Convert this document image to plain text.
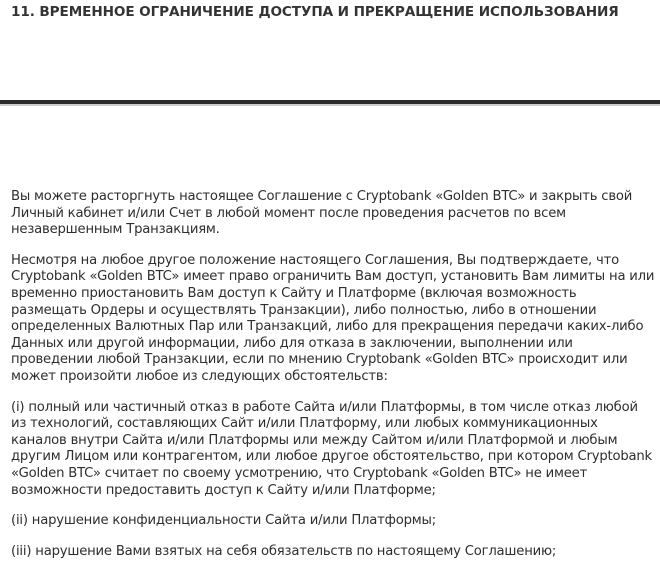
11. ВРЕМЕННОЕ ОГРАНИЧЕНИЕ ДОСТУПА И ПРЕКРАЩЕНИЕ ИСПОЛЬЗОВАНИЯ

Вы можете расторгнуть настоящее Соглашение с Cryptobank «Golden BTC» и закрыть свой Личный кабинет и/или Счет в любой момент после проведения расчетов по всем незавершенным Транзакциям.

Несмотря на любое другое положение настоящего Соглашения, Вы подтверждаете, что Cryptobank «Golden BTC» имеет право ограничить Вам доступ, установить Вам лимиты на или временно приостановить Вам доступ к Сайту и Платформе (включая возможность размещать Ордеры и осуществлять Транзакции), либо полностью, либо в отношении определенных Валютных Пар или Транзакций, либо для прекращения передачи каких-либо Данных или другой информации, либо для отказа в заключении, выполнении или проведении любой Транзакции, если по мнению Cryptobank «Golden BTC» происходит или может произойти любое из следующих обстоятельств:

(i) полный или частичный отказ в работе Сайта и/или Платформы, в том числе отказ любой из технологий, составляющих Сайт и/или Платформу, или любых коммуникационных каналов внутри Сайта и/или Платформы или между Сайтом и/или Платформой и любым другим Лицом или контрагентом, или любое другое обстоятельство, при котором Cryptobank «Golden BTC» считает по своему усмотрению, что Cryptobank «Golden BTC» не имеет возможности предоставить доступ к Сайту и/или Платформе;

(ii) нарушение конфиденциальности Сайта и/или Платформы;

(iii) нарушение Вами взятых на себя обязательств по настоящему Соглашению;
